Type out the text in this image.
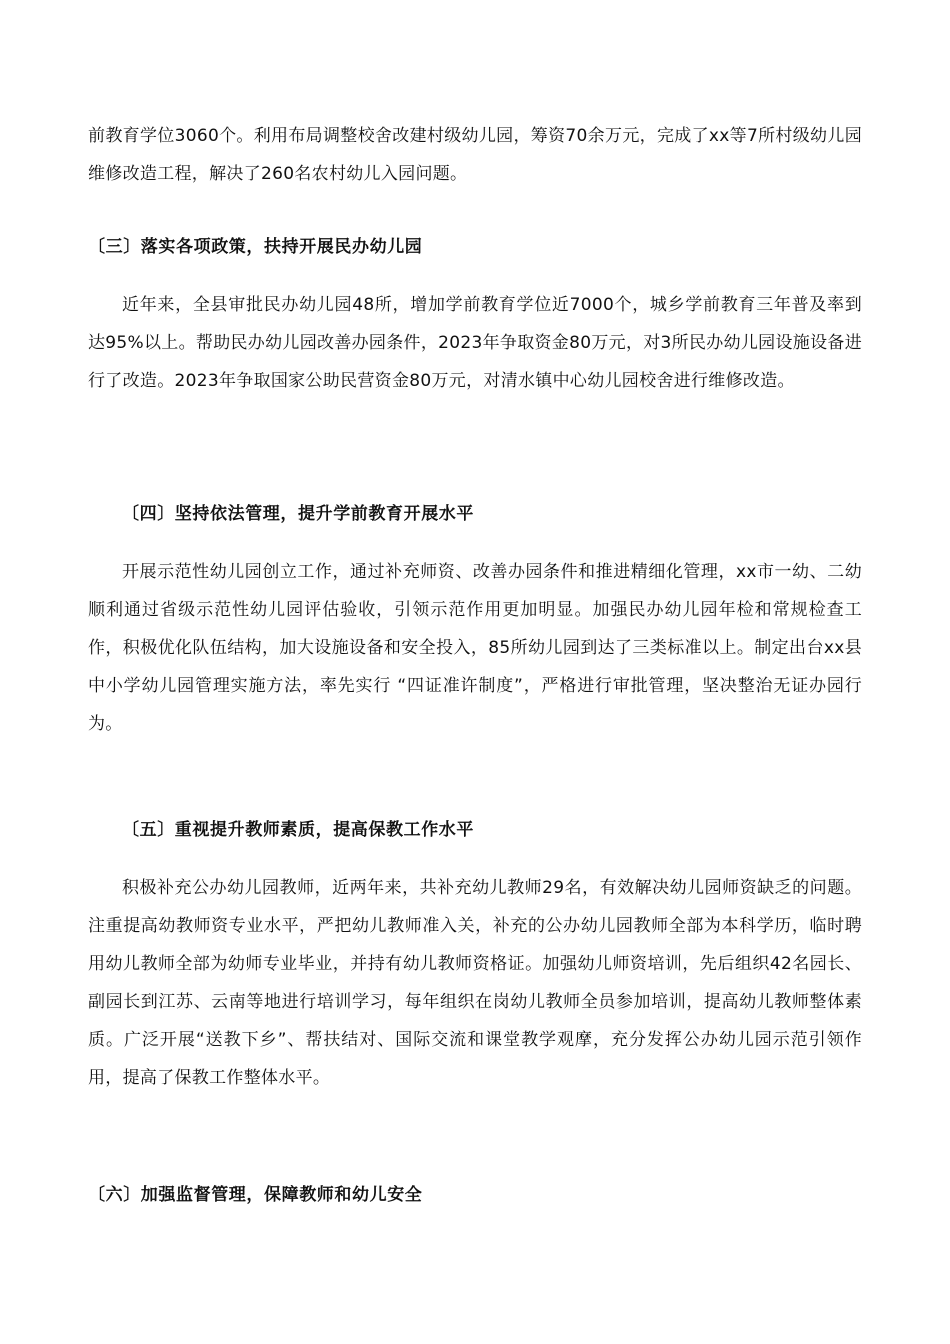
前教育学位3060个。利用布局调整校舍改建村级幼儿园，筹资70余万元，完成了xx等7所村级幼儿园维修改造工程，解决了260名农村幼儿入园问题。

〔三〕落实各项政策，扶持开展民办幼儿园

近年来，全县审批民办幼儿园48所，增加学前教育学位近7000个，城乡学前教育三年普及率到达95%以上。帮助民办幼儿园改善办园条件，2023年争取资金80万元，对3所民办幼儿园设施设备进行了改造。2023年争取国家公助民营资金80万元，对清水镇中心幼儿园校舍进行维修改造。

〔四〕坚持依法管理，提升学前教育开展水平

开展示范性幼儿园创立工作，通过补充师资、改善办园条件和推进精细化管理，xx市一幼、二幼顺利通过省级示范性幼儿园评估验收，引领示范作用更加明显。加强民办幼儿园年检和常规检查工作，积极优化队伍结构，加大设施设备和安全投入，85所幼儿园到达了三类标准以上。制定出台xx县中小学幼儿园管理实施方法，率先实行 “四证准许制度”，严格进行审批管理，坚决整治无证办园行为。

〔五〕重视提升教师素质，提高保教工作水平

积极补充公办幼儿园教师，近两年来，共补充幼儿教师29名，有效解决幼儿园师资缺乏的问题。注重提高幼教师资专业水平，严把幼儿教师准入关，补充的公办幼儿园教师全部为本科学历，临时聘用幼儿教师全部为幼师专业毕业，并持有幼儿教师资格证。加强幼儿师资培训，先后组织42名园长、副园长到江苏、云南等地进行培训学习，每年组织在岗幼儿教师全员参加培训，提高幼儿教师整体素质。广泛开展“送教下乡”、帮扶结对、国际交流和课堂教学观摩，充分发挥公办幼儿园示范引领作用，提高了保教工作整体水平。

〔六〕加强监督管理，保障教师和幼儿安全
